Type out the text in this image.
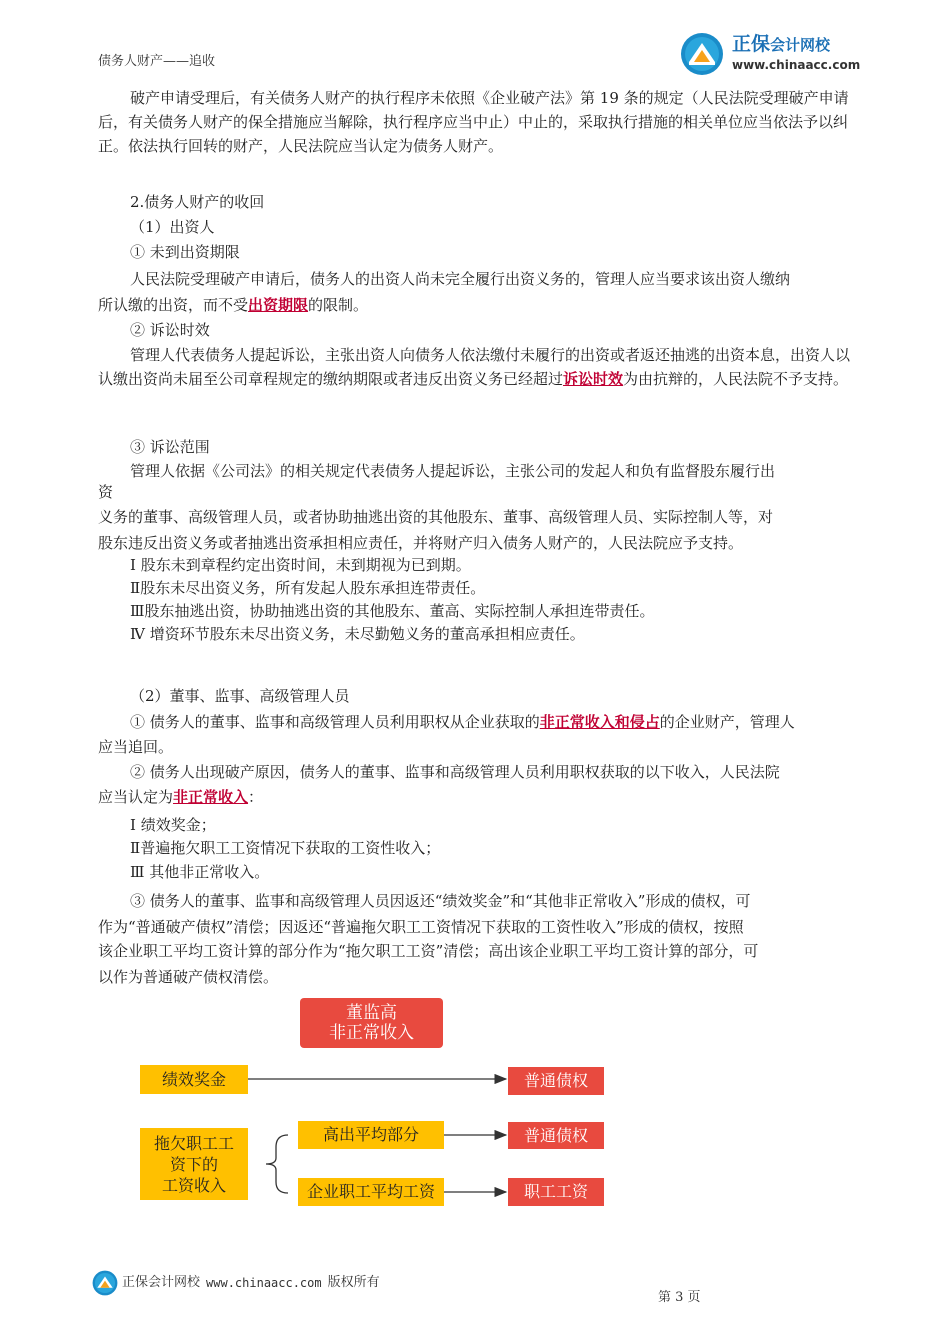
债务人财产——追收
正保会计网校
www.chinaacc.com
破产申请受理后，有关债务人财产的执行程序未依照《企业破产法》第 19 条的规定（人民法院受理破产申请后，有关债务人财产的保全措施应当解除，执行程序应当中止）中止的，采取执行措施的相关单位应当依法予以纠正。依法执行回转的财产，人民法院应当认定为债务人财产。
2.债务人财产的收回
（1）出资人
① 未到出资期限
人民法院受理破产申请后，债务人的出资人尚未完全履行出资义务的，管理人应当要求该出资人缴纳
所认缴的出资，而不受出资期限的限制。
② 诉讼时效
管理人代表债务人提起诉讼，主张出资人向债务人依法缴付未履行的出资或者返还抽逃的出资本息，出资人以认缴出资尚未届至公司章程规定的缴纳期限或者违反出资义务已经超过诉讼时效为由抗辩的，人民法院不予支持。
③ 诉讼范围
管理人依据《公司法》的相关规定代表债务人提起诉讼，主张公司的发起人和负有监督股东履行出
资
义务的董事、高级管理人员，或者协助抽逃出资的其他股东、董事、高级管理人员、实际控制人等，对
股东违反出资义务或者抽逃出资承担相应责任，并将财产归入债务人财产的，人民法院应予支持。
Ⅰ 股东未到章程约定出资时间，未到期视为已到期。
Ⅱ股东未尽出资义务，所有发起人股东承担连带责任。
Ⅲ股东抽逃出资，协助抽逃出资的其他股东、董高、实际控制人承担连带责任。
Ⅳ 增资环节股东未尽出资义务，未尽勤勉义务的董高承担相应责任。
（2）董事、监事、高级管理人员
① 债务人的董事、监事和高级管理人员利用职权从企业获取的非正常收入和侵占的企业财产，管理人
应当追回。
② 债务人出现破产原因，债务人的董事、监事和高级管理人员利用职权获取的以下收入，人民法院
应当认定为非正常收入：
Ⅰ 绩效奖金；
Ⅱ普遍拖欠职工工资情况下获取的工资性收入；
Ⅲ 其他非正常收入。
③ 债务人的董事、监事和高级管理人员因返还“绩效奖金”和“其他非正常收入”形成的债权，可
作为“普通破产债权”清偿；因返还“普遍拖欠职工工资情况下获取的工资性收入”形成的债权，按照
该企业职工平均工资计算的部分作为“拖欠职工工资”清偿；高出该企业职工平均工资计算的部分，可
以作为普通破产债权清偿。
董监高
非正常收入
绩效奖金
拖欠职工工
资下的
工资收入
高出平均部分
企业职工平均工资
普通债权
普通债权
职工工资
正保会计网校 www.chinaacc.com 版权所有
第 3 页
